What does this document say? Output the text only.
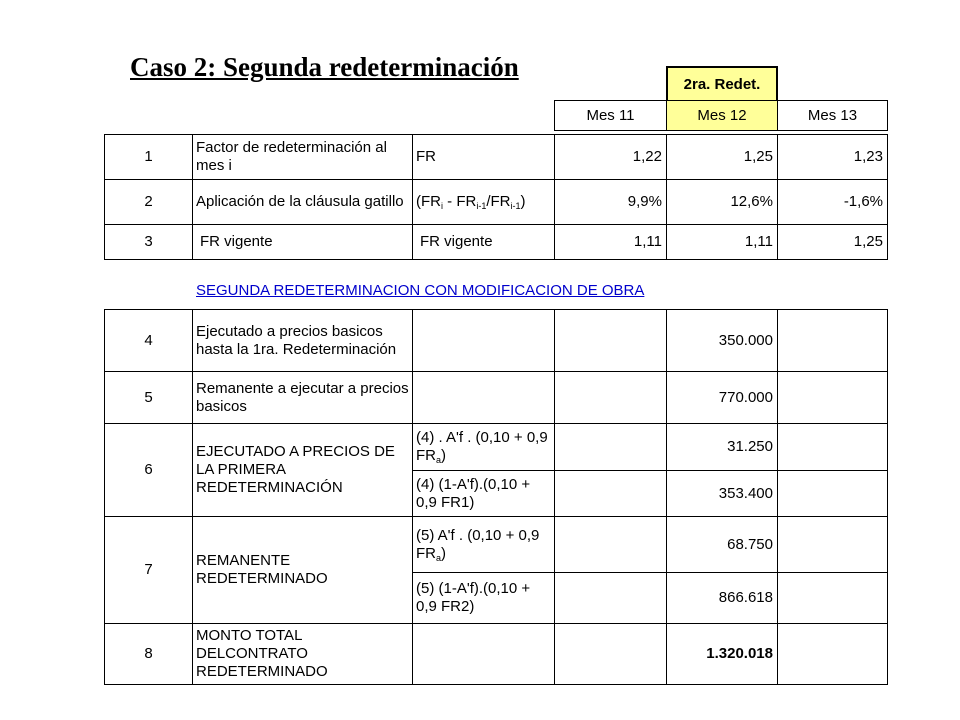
Caso 2: Segunda redeterminación
2ra. Redet.
Mes 11	Mes 12	Mes 13
1	Factor de redeterminación al mes i	FR	1,22	1,25	1,23
2	Aplicación de la cláusula gatillo	$(FR_i - FR_{i-1}/FR_{i-1})$	9,9%	12,6%	-1,6%
3	FR vigente	FR vigente	1,11	1,11	1,25
SEGUNDA REDETERMINACION CON MODIFICACION DE OBRA
4	Ejecutado a precios basicos hasta la 1ra. Redeterminación			350.000	
5	Remanente a ejecutar a precios basicos			770.000	
6	EJECUTADO A PRECIOS DE LA PRIMERA REDETERMINACIÓN	(4) . A'f . (0,10 + 0,9 $FR_a$)		31.250	
		(4) (1-A'f).(0,10 + 0,9 FR1)		353.400	
7	REMANENTE REDETERMINADO	(5) A'f . (0,10 + 0,9 $FR_a$)		68.750	
		(5) (1-A'f).(0,10 + 0,9 FR2)		866.618	
8	MONTO TOTAL DELCONTRATO REDETERMINADO			1.320.018	
